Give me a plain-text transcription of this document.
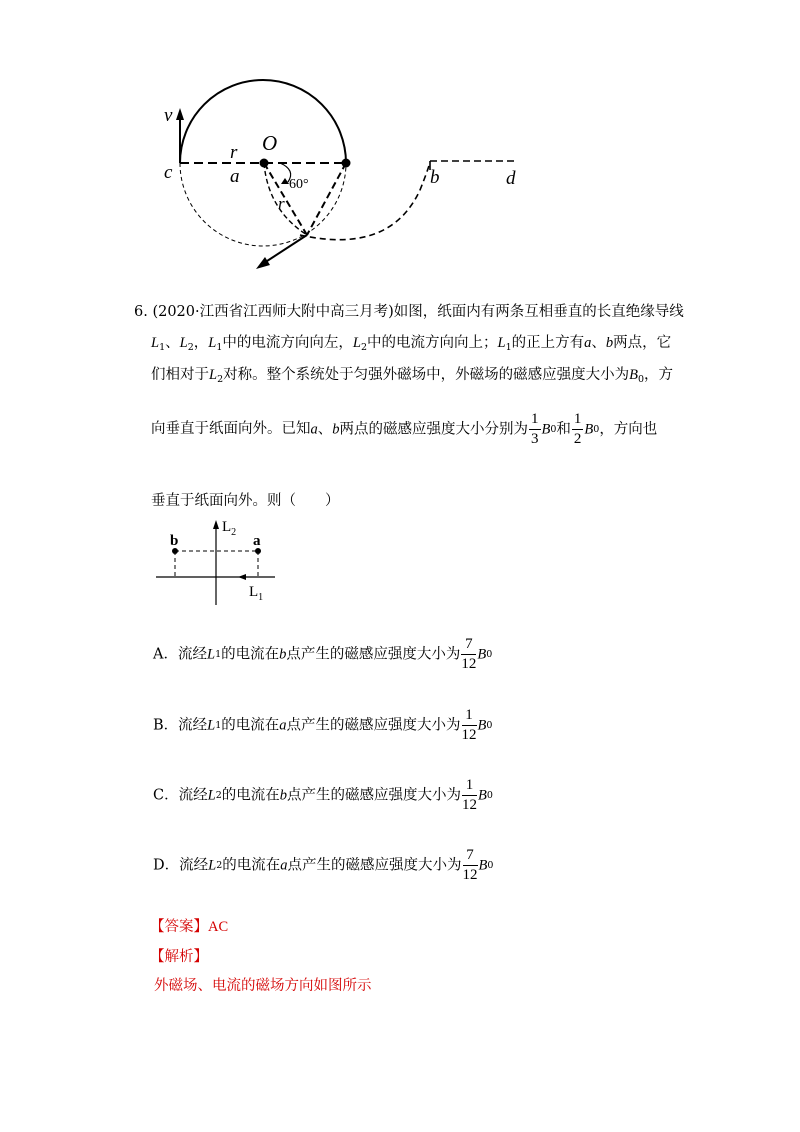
v
r O
c	a	60°
r
b	d
6. (2020·江西省江西师大附中高三月考)如图，纸面内有两条互相垂直的长直绝缘导线
$L_1$、$L_2$，$L_1$中的电流方向向左，$L_2$中的电流方向向上；$L_1$的正上方有a、b两点，它
们相对于$L_2$对称。整个系统处于匀强外磁场中，外磁场的磁感应强度大小为$B_0$，方
向垂直于纸面向外。已知a、b两点的磁感应强度大小分别为 $\frac{1}{3} B0$和 $\frac{1}{2} B0$，方向也
垂直于纸面向外。则（　　）
$L_2$
b	a
$L_1$
A．流经L1的电流在b点产生的磁感应强度大小为 $\frac{7}{12} B0$
B．流经L1的电流在a点产生的磁感应强度大小为 $\frac{1}{12} B0$
C．流经L2的电流在b点产生的磁感应强度大小为 $\frac{1}{12} B0$
D．流经L2的电流在a点产生的磁感应强度大小为 $\frac{7}{12} B0$
【答案】AC
【解析】
外磁场、电流的磁场方向如图所示
